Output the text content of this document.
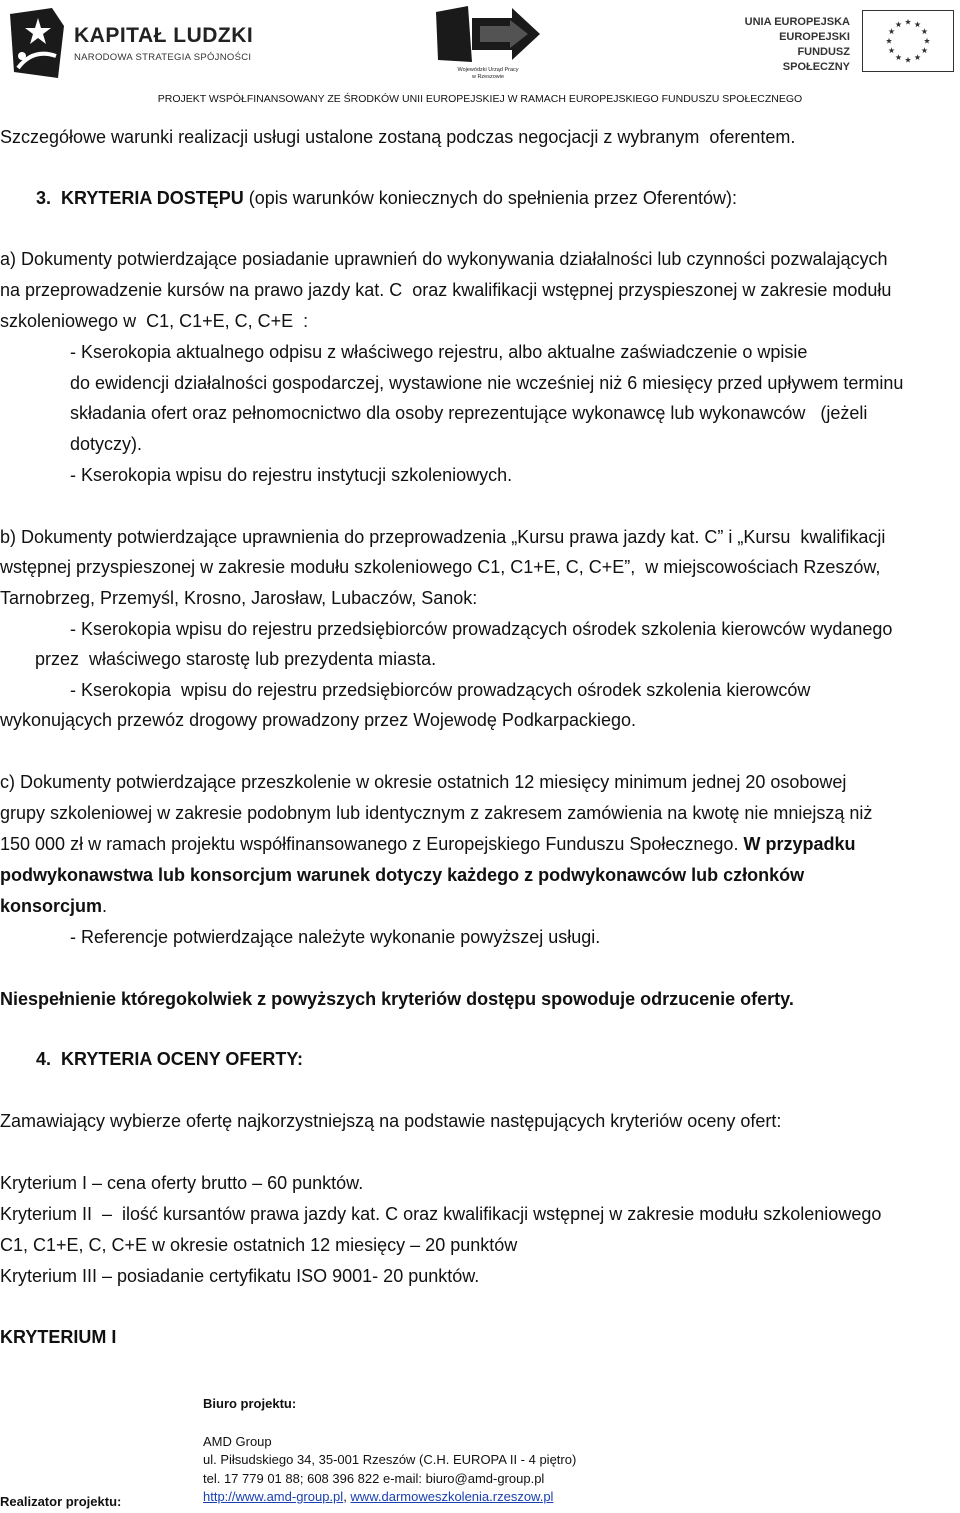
KAPITAŁ LUDZKI
NARODOWA STRATEGIA SPÓJNOŚCI
Wojewódzki Urząd Pracy
w Rzeszowie
UNIA EUROPEJSKA
EUROPEJSKI
FUNDUSZ SPOŁECZNY
PROJEKT WSPÓŁFINANSOWANY ZE ŚRODKÓW UNII EUROPEJSKIEJ W RAMACH EUROPEJSKIEGO FUNDUSZU SPOŁECZNEGO
Szczegółowe warunki realizacji usługi ustalone zostaną podczas negocjacji z wybranym  oferentem.
3. KRYTERIA DOSTĘPU (opis warunków koniecznych do spełnienia przez Oferentów):
a) Dokumenty potwierdzające posiadanie uprawnień do wykonywania działalności lub czynności pozwalających
na przeprowadzenie kursów na prawo jazdy kat. C  oraz kwalifikacji wstępnej przyspieszonej w zakresie modułu
szkoleniowego w  C1, C1+E, C, C+E  :
- Kserokopia aktualnego odpisu z właściwego rejestru, albo aktualne zaświadczenie o wpisie
do ewidencji działalności gospodarczej, wystawione nie wcześniej niż 6 miesięcy przed upływem terminu
składania ofert oraz pełnomocnictwo dla osoby reprezentujące wykonawcę lub wykonawców   (jeżeli
dotyczy).
- Kserokopia wpisu do rejestru instytucji szkoleniowych.
b) Dokumenty potwierdzające uprawnienia do przeprowadzenia „Kursu prawa jazdy kat. C” i „Kursu  kwalifikacji
wstępnej przyspieszonej w zakresie modułu szkoleniowego C1, C1+E, C, C+E”,  w miejscowościach Rzeszów,
Tarnobrzeg, Przemyśl, Krosno, Jarosław, Lubaczów, Sanok:
- Kserokopia wpisu do rejestru przedsiębiorców prowadzących ośrodek szkolenia kierowców wydanego
przez  właściwego starostę lub prezydenta miasta.
- Kserokopia  wpisu do rejestru przedsiębiorców prowadzących ośrodek szkolenia kierowców
wykonujących przewóz drogowy prowadzony przez Wojewodę Podkarpackiego.
c) Dokumenty potwierdzające przeszkolenie w okresie ostatnich 12 miesięcy minimum jednej 20 osobowej
grupy szkoleniowej w zakresie podobnym lub identycznym z zakresem zamówienia na kwotę nie mniejszą niż
150 000 zł w ramach projektu współfinansowanego z Europejskiego Funduszu Społecznego. W przypadku
podwykonawstwa lub konsorcjum warunek dotyczy każdego z podwykonawców lub członków
konsorcjum.
- Referencje potwierdzające należyte wykonanie powyższej usługi.
Niespełnienie któregokolwiek z powyższych kryteriów dostępu spowoduje odrzucenie oferty.
4. KRYTERIA OCENY OFERTY:
Zamawiający wybierze ofertę najkorzystniejszą na podstawie następujących kryteriów oceny ofert:
Kryterium I – cena oferty brutto – 60 punktów.
Kryterium II  –  ilość kursantów prawa jazdy kat. C oraz kwalifikacji wstępnej w zakresie modułu szkoleniowego
C1, C1+E, C, C+E w okresie ostatnich 12 miesięcy – 20 punktów
Kryterium III – posiadanie certyfikatu ISO 9001- 20 punktów.
KRYTERIUM I
Biuro projektu:
AMD Group
ul. Piłsudskiego 34, 35-001 Rzeszów (C.H. EUROPA II - 4 piętro)
tel. 17 779 01 88; 608 396 822 e-mail: biuro@amd-group.pl
http://www.amd-group.pl, www.darmoweszkolenia.rzeszow.pl
Realizator projektu:
